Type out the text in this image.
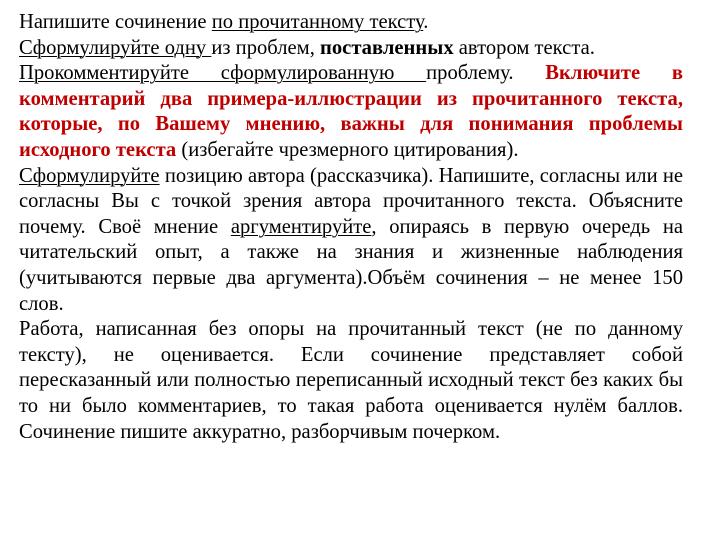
Напишите сочинение по прочитанному тексту.

Сформулируйте одну из проблем, поставленных автором текста.

Прокомментируйте сформулированную проблему. Включите в комментарий два примера-иллюстрации из прочитанного текста, которые, по Вашему мнению, важны для понимания проблемы исходного текста (избегайте чрезмерного цитирования).

Сформулируйте позицию автора (рассказчика). Напишите, согласны или не согласны Вы с точкой зрения автора прочитанного текста. Объясните почему. Своё мнение аргументируйте, опираясь в первую очередь на читательский опыт, а также на знания и жизненные наблюдения (учитываются первые два аргумента).Объём сочинения – не менее 150 слов.

Работа, написанная без опоры на прочитанный текст (не по данному тексту), не оценивается. Если сочинение представляет собой пересказанный или полностью переписанный исходный текст без каких бы то ни было комментариев, то такая работа оценивается нулём баллов. Сочинение пишите аккуратно, разборчивым почерком.
